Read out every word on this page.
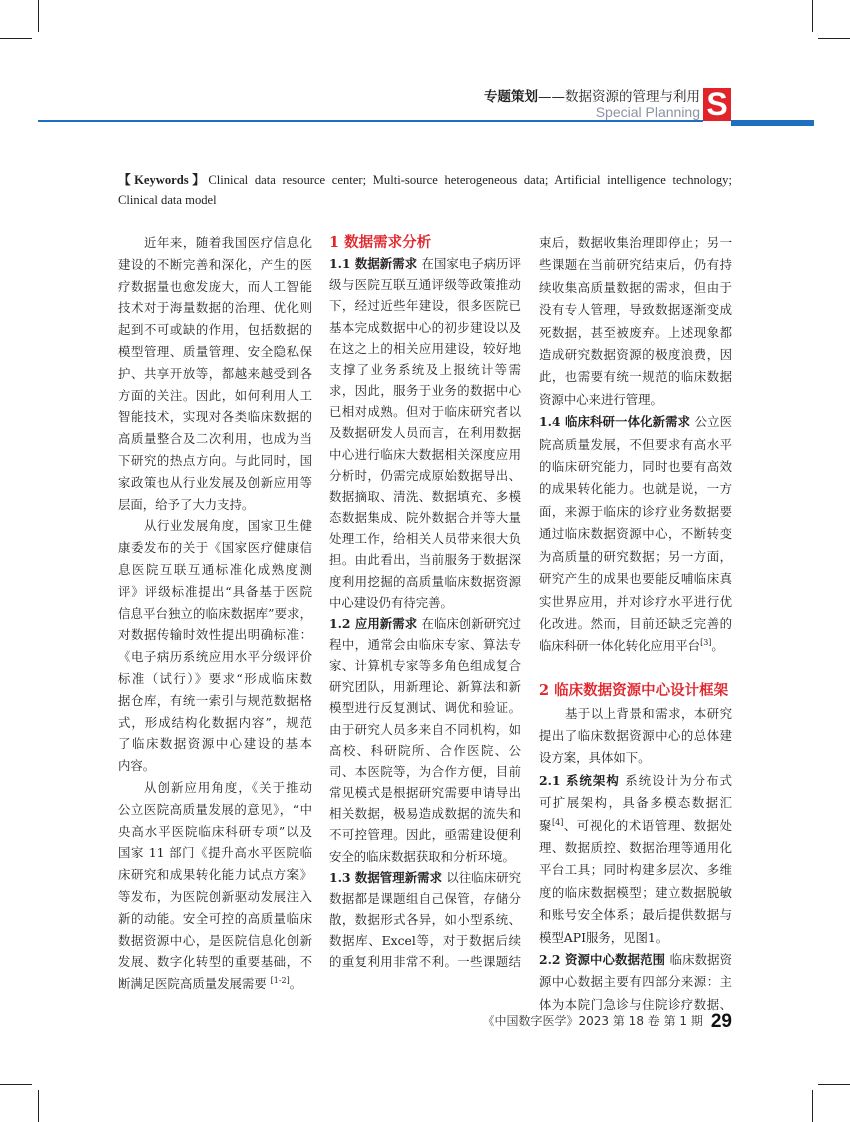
专题策划——数据资源的管理与利用
Special Planning S
【Keywords】Clinical data resource center; Multi-source heterogeneous data; Artificial intelligence technology;
Clinical data model
近年来，随着我国医疗信息化
建设的不断完善和深化，产生的医
疗数据量也愈发庞大，而人工智能
技术对于海量数据的治理、优化则
起到不可或缺的作用，包括数据的
模型管理、质量管理、安全隐私保
护、共享开放等，都越来越受到各
方面的关注。因此，如何利用人工
智能技术，实现对各类临床数据的
高质量整合及二次利用，也成为当
下研究的热点方向。与此同时，国
家政策也从行业发展及创新应用等
层面，给予了大力支持。
从行业发展角度，国家卫生健
康委发布的关于《国家医疗健康信
息医院互联互通标准化成熟度测
评》评级标准提出“具备基于医院
信息平台独立的临床数据库”要求，
对数据传输时效性提出明确标准：
《电子病历系统应用水平分级评价
标准（试行）》要求“形成临床数
据仓库，有统一索引与规范数据格
式，形成结构化数据内容”，规范
了临床数据资源中心建设的基本
内容。
从创新应用角度，《关于推动
公立医院高质量发展的意见》，“中
央高水平医院临床科研专项”以及
国家 11 部门《提升高水平医院临
床研究和成果转化能力试点方案》
等发布，为医院创新驱动发展注入
新的动能。安全可控的高质量临床
数据资源中心，是医院信息化创新
发展、数字化转型的重要基础，不
断满足医院高质量发展需要 [1-2]。
1 数据需求分析
1.1 数据新需求 在国家电子病历评
级与医院互联互通评级等政策推动
下，经过近些年建设，很多医院已
基本完成数据中心的初步建设以及
在这之上的相关应用建设，较好地
支撑了业务系统及上报统计等需
求，因此，服务于业务的数据中心
已相对成熟。但对于临床研究者以
及数据研发人员而言，在利用数据
中心进行临床大数据相关深度应用
分析时，仍需完成原始数据导出、
数据摘取、清洗、数据填充、多模
态数据集成、院外数据合并等大量
处理工作，给相关人员带来很大负
担。由此看出，当前服务于数据深
度利用挖掘的高质量临床数据资源
中心建设仍有待完善。
1.2 应用新需求 在临床创新研究过
程中，通常会由临床专家、算法专
家、计算机专家等多角色组成复合
研究团队，用新理论、新算法和新
模型进行反复测试、调优和验证。
由于研究人员多来自不同机构，如
高校、科研院所、合作医院、公
司、本医院等，为合作方便，目前
常见模式是根据研究需要申请导出
相关数据，极易造成数据的流失和
不可控管理。因此，亟需建设便利
安全的临床数据获取和分析环境。
1.3 数据管理新需求 以往临床研究
数据都是课题组自己保管，存储分
散，数据形式各异，如小型系统、
数据库、Excel等，对于数据后续
的重复利用非常不利。一些课题结
束后，数据收集治理即停止；另一
些课题在当前研究结束后，仍有持
续收集高质量数据的需求，但由于
没有专人管理，导致数据逐渐变成
死数据，甚至被废弃。上述现象都
造成研究数据资源的极度浪费，因
此，也需要有统一规范的临床数据
资源中心来进行管理。
1.4 临床科研一体化新需求 公立医
院高质量发展，不但要求有高水平
的临床研究能力，同时也要有高效
的成果转化能力。也就是说，一方
面，来源于临床的诊疗业务数据要
通过临床数据资源中心，不断转变
为高质量的研究数据；另一方面，
研究产生的成果也要能反哺临床真
实世界应用，并对诊疗水平进行优
化改进。然而，目前还缺乏完善的
临床科研一体化转化应用平台[3]。

2 临床数据资源中心设计框架
基于以上背景和需求，本研究
提出了临床数据资源中心的总体建
设方案，具体如下。
2.1 系统架构 系统设计为分布式
可扩展架构，具备多模态数据汇
聚[4]、可视化的术语管理、数据处
理、数据质控、数据治理等通用化
平台工具；同时构建多层次、多维
度的临床数据模型；建立数据脱敏
和账号安全体系；最后提供数据与
模型API服务，见图1。
2.2 资源中心数据范围 临床数据资
源中心数据主要有四部分来源：主
体为本院门急诊与住院诊疗数据、
《中国数字医学》2023 第 18 卷 第 1 期 29
